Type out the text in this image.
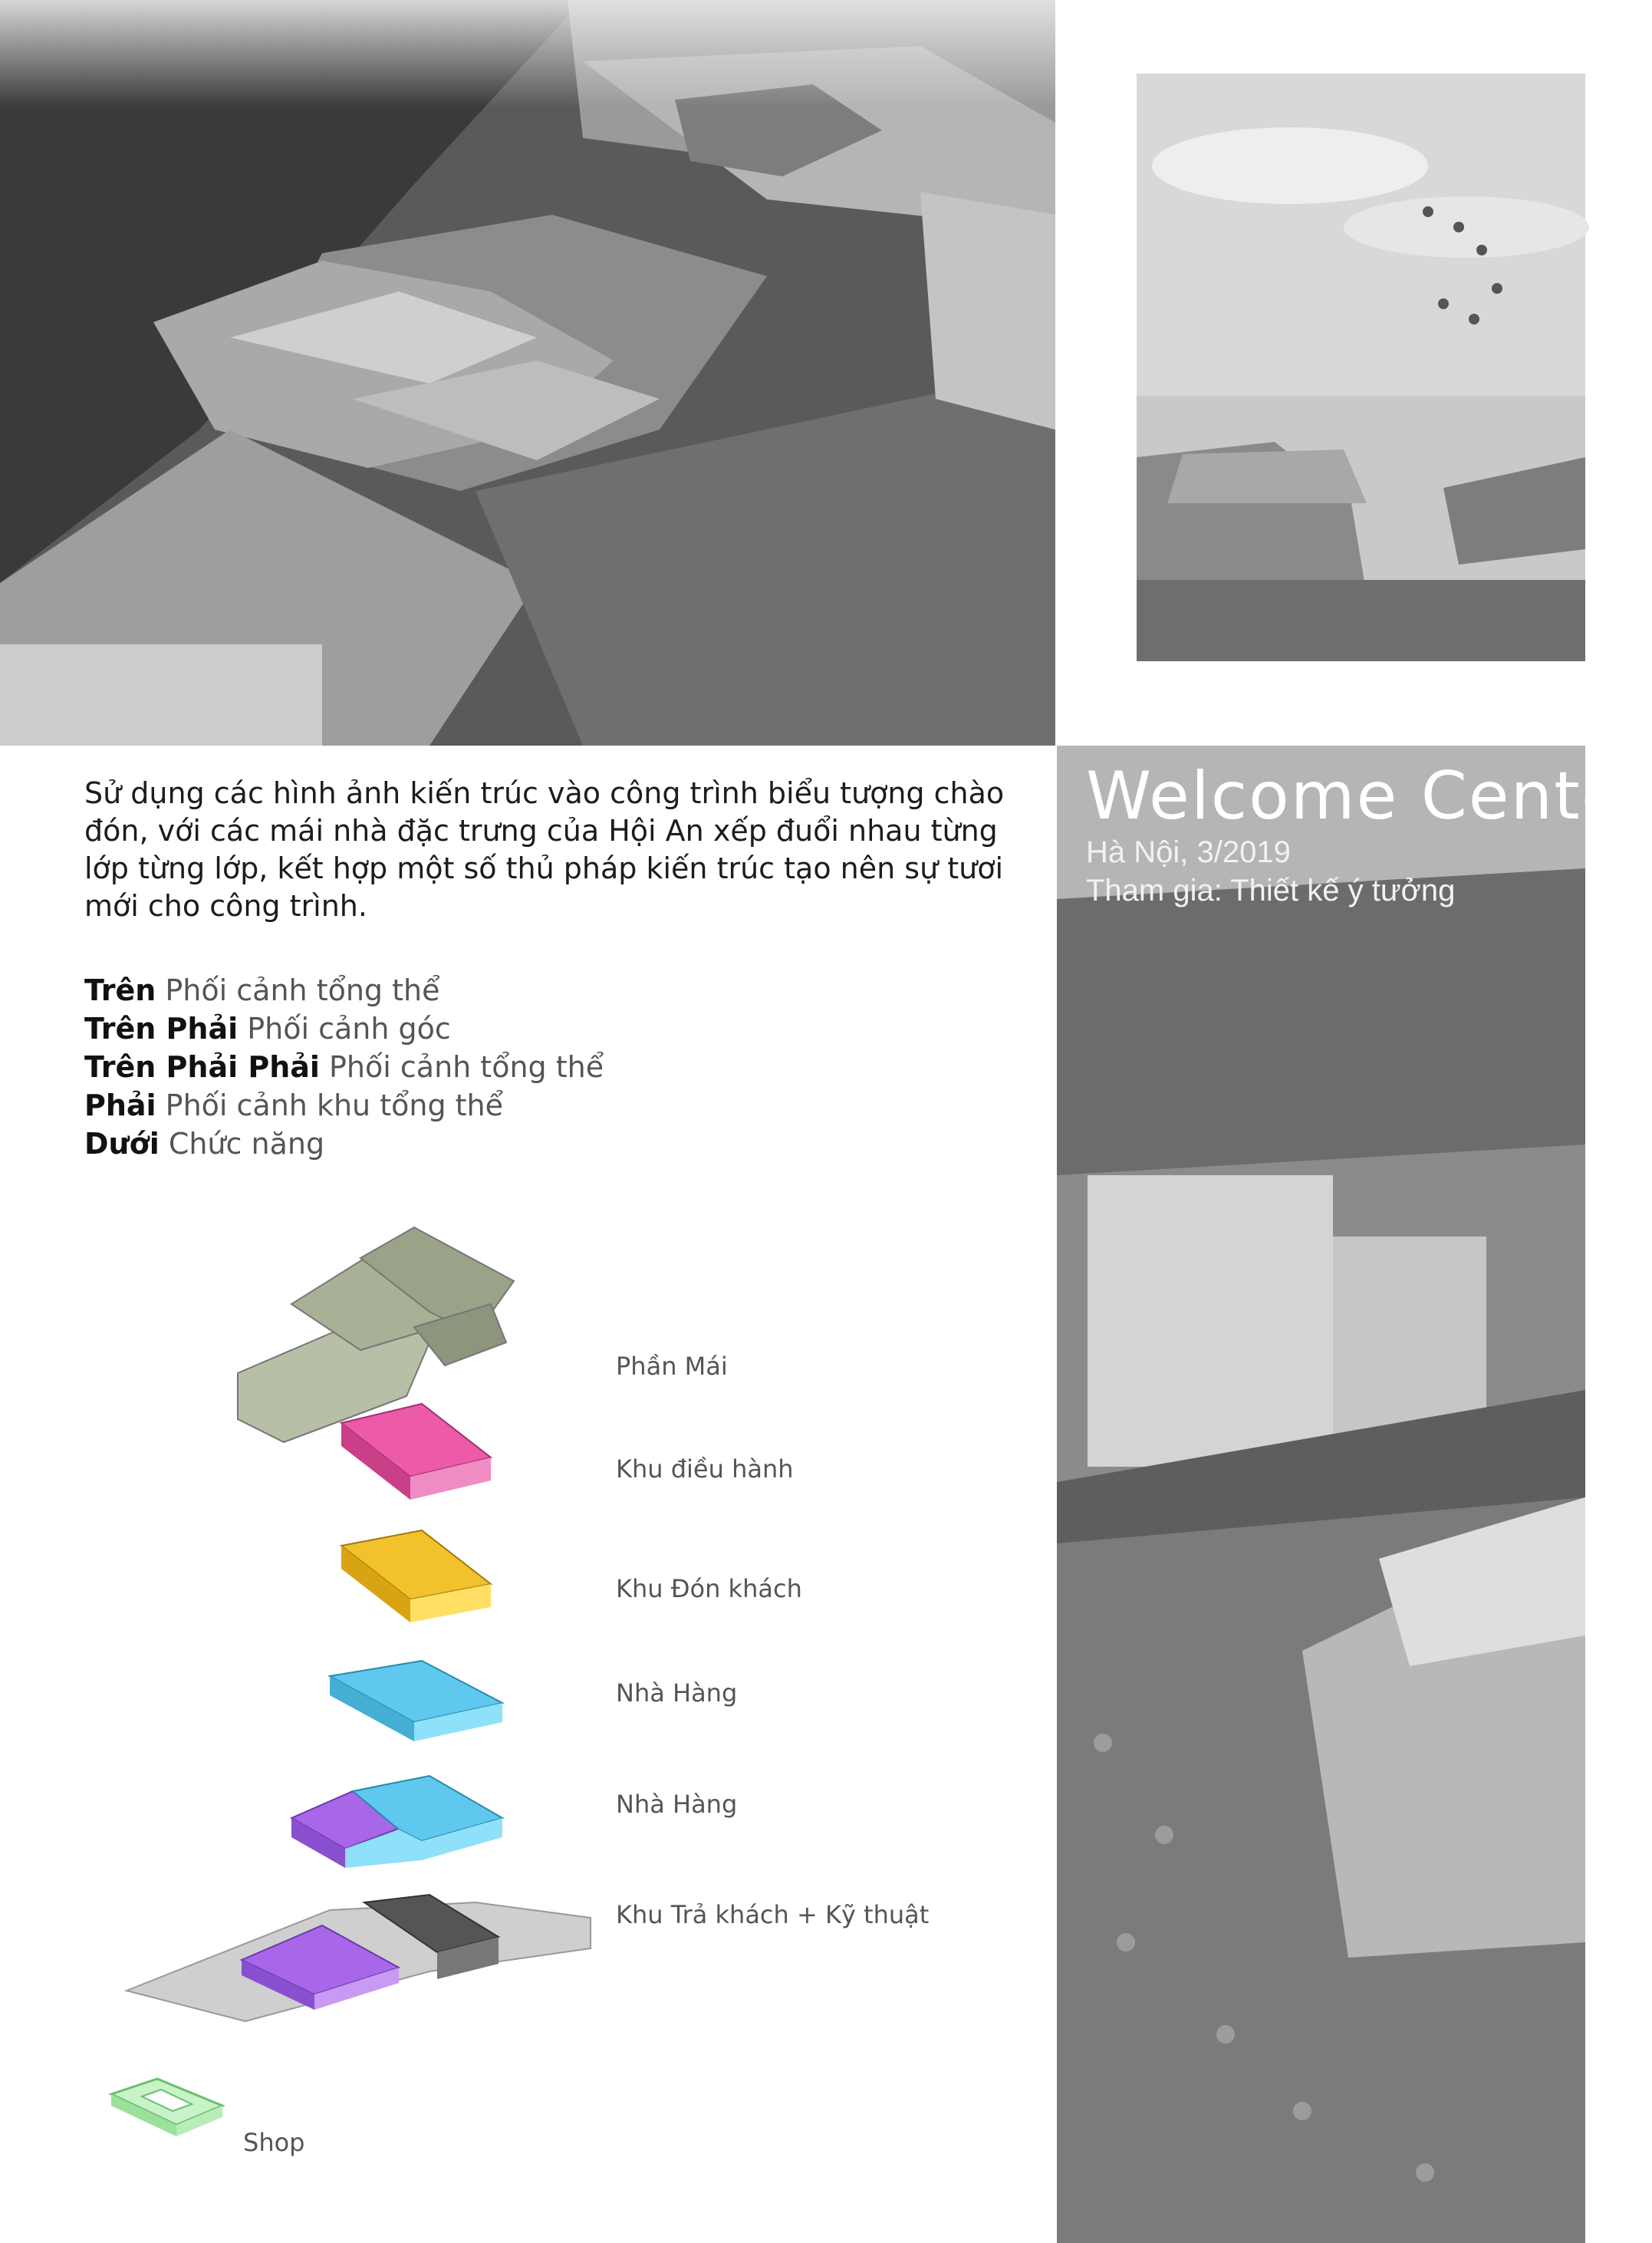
Welcome Center
Hà Nội, 3/2019
Tham gia: Thiết kế ý tưởng

Sử dụng các hình ảnh kiến trúc vào công trình biểu tượng chào đón, với các mái nhà đặc trưng của Hội An xếp đuổi nhau từng lớp từng lớp, kết hợp một số thủ pháp kiến trúc tạo nên sự tươi mới cho công trình.

Trên Phối cảnh tổng thể
Trên Phải Phối cảnh góc
Trên Phải Phải Phối cảnh tổng thể
Phải Phối cảnh khu tổng thể
Dưới Chức năng
Phần Mái
Khu điều hành
Khu Đón khách
Nhà Hàng
Nhà Hàng
Khu Trả khách + Kỹ thuật
Shop
